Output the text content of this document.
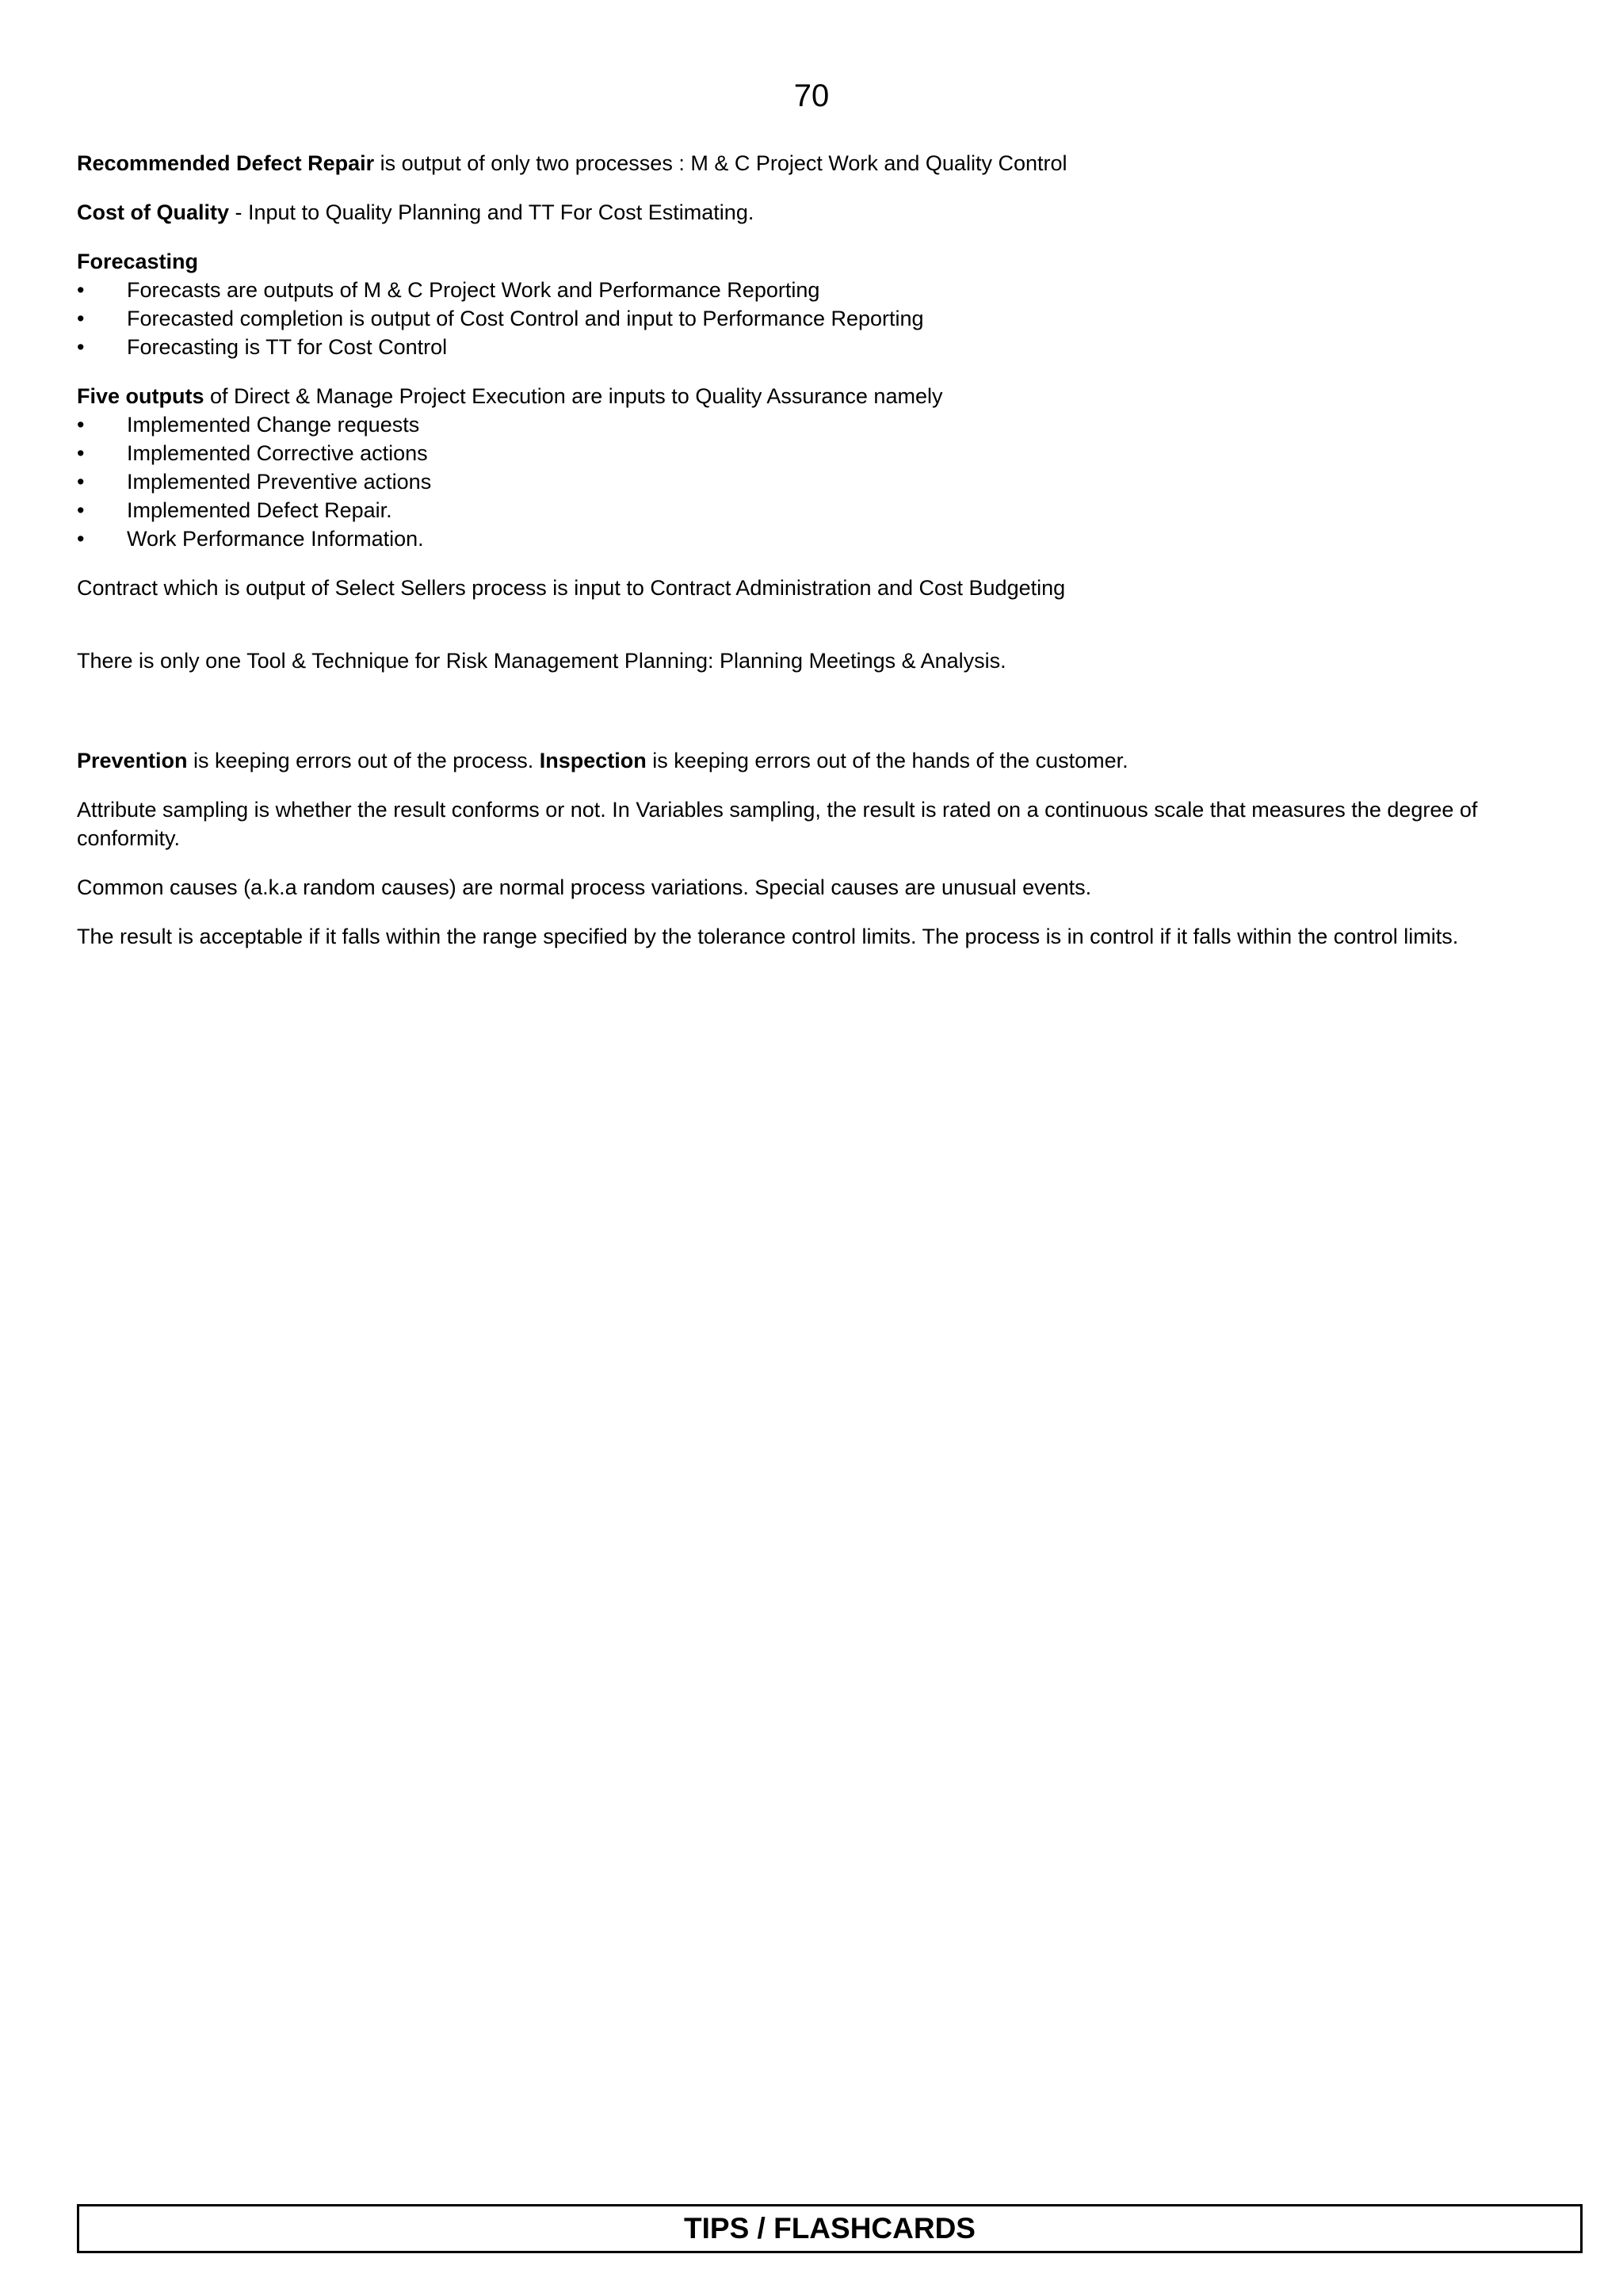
70

Recommended Defect Repair is output of only two processes : M & C Project Work and Quality Control

Cost of Quality - Input to Quality Planning and TT For Cost Estimating.

Forecasting

• Forecasts are outputs of M & C Project Work and Performance Reporting
• Forecasted completion is output of Cost Control and input to Performance Reporting
• Forecasting is TT for Cost Control

Five outputs of Direct & Manage Project Execution are inputs to Quality Assurance namely

• Implemented Change requests
• Implemented Corrective actions
• Implemented Preventive actions
• Implemented Defect Repair.
• Work Performance Information.

Contract which is output of Select Sellers process is input to Contract Administration and Cost Budgeting

There is only one Tool & Technique for Risk Management Planning: Planning Meetings & Analysis.

Prevention is keeping errors out of the process. Inspection is keeping errors out of the hands of the customer.

Attribute sampling is whether the result conforms or not. In Variables sampling, the result is rated on a continuous scale that measures the degree of conformity.

Common causes (a.k.a random causes) are normal process variations. Special causes are unusual events.

The result is acceptable if it falls within the range specified by the tolerance control limits. The process is in control if it falls within the control limits.

TIPS / FLASHCARDS
